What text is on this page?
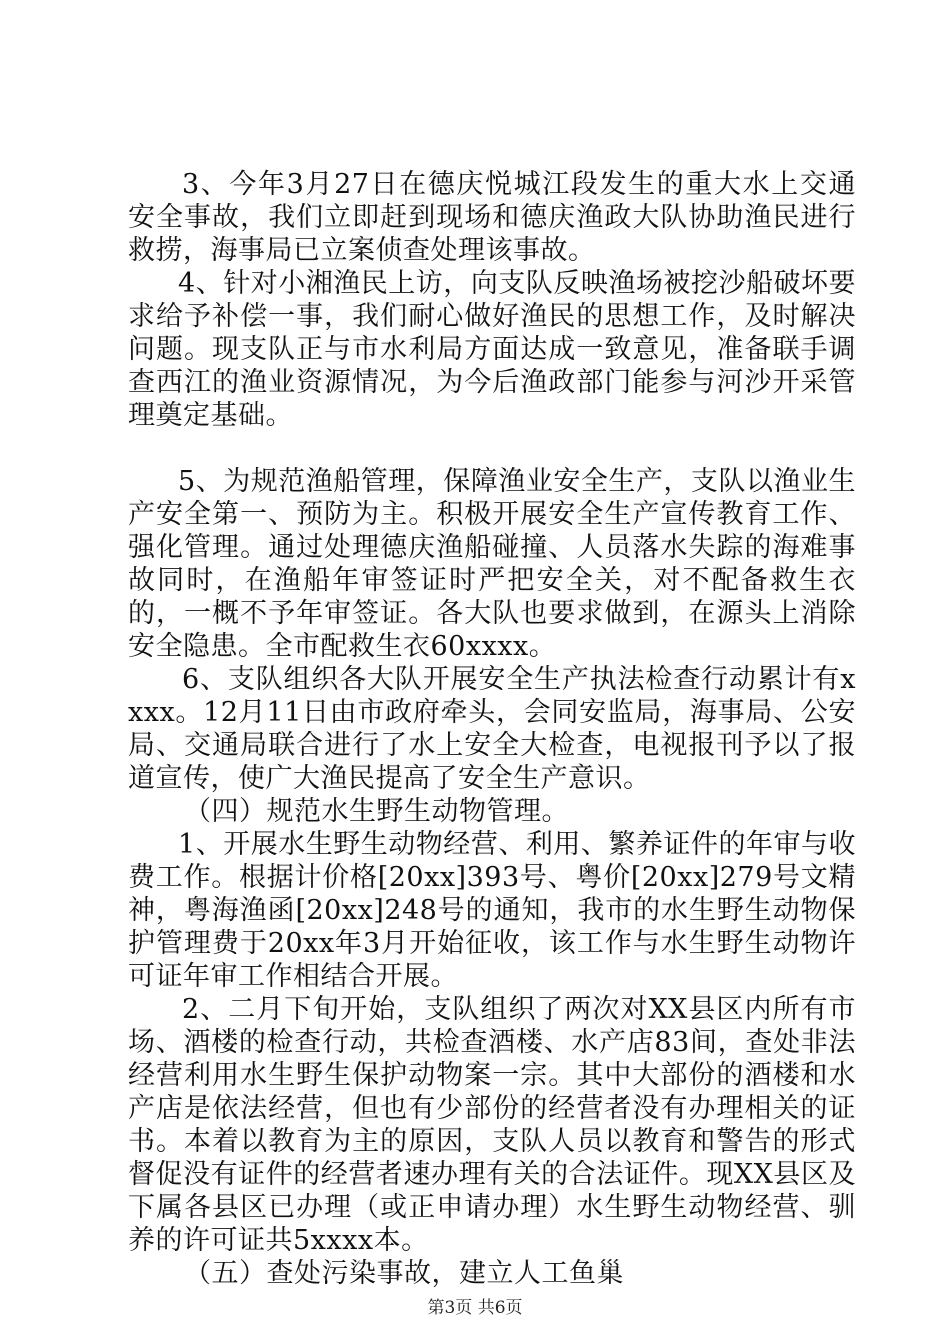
3、今年3月27日在德庆悦城江段发生的重大水上交通安全事故，我们立即赶到现场和德庆渔政大队协助渔民进行救捞，海事局已立案侦查处理该事故。

4、针对小湘渔民上访，向支队反映渔场被挖沙船破坏要求给予补偿一事，我们耐心做好渔民的思想工作，及时解决问题。现支队正与市水利局方面达成一致意见，准备联手调查西江的渔业资源情况，为今后渔政部门能参与河沙开采管理奠定基础。

5、为规范渔船管理，保障渔业安全生产，支队以渔业生产安全第一、预防为主。积极开展安全生产宣传教育工作、强化管理。通过处理德庆渔船碰撞、人员落水失踪的海难事故同时，在渔船年审签证时严把安全关，对不配备救生衣的，一概不予年审签证。各大队也要求做到，在源头上消除安全隐患。全市配救生衣60xxxx。

6、支队组织各大队开展安全生产执法检查行动累计有xxxx。12月11日由市政府牵头，会同安监局，海事局、公安局、交通局联合进行了水上安全大检查，电视报刊予以了报道宣传，使广大渔民提高了安全生产意识。

（四）规范水生野生动物管理。

1、开展水生野生动物经营、利用、繁养证件的年审与收费工作。根据计价格[20xx]393号、粤价[20xx]279号文精神，粤海渔函[20xx]248号的通知，我市的水生野生动物保护管理费于20xx年3月开始征收，该工作与水生野生动物许可证年审工作相结合开展。

2、二月下旬开始，支队组织了两次对XX县区内所有市场、酒楼的检查行动，共检查酒楼、水产店83间，查处非法经营利用水生野生保护动物案一宗。其中大部份的酒楼和水产店是依法经营，但也有少部份的经营者没有办理相关的证书。本着以教育为主的原因，支队人员以教育和警告的形式督促没有证件的经营者速办理有关的合法证件。现XX县区及下属各县区已办理（或正申请办理）水生野生动物经营、驯养的许可证共5xxxx本。

（五）查处污染事故，建立人工鱼巢

第3页 共6页
